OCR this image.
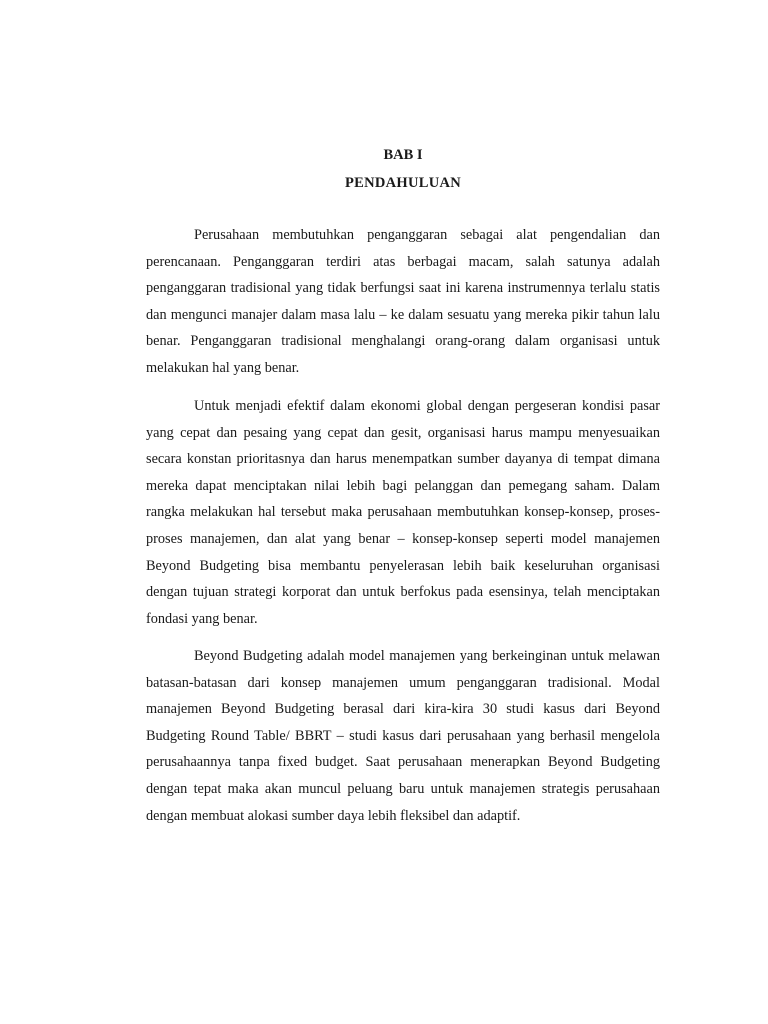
BAB I
PENDAHULUAN

Perusahaan membutuhkan penganggaran sebagai alat pengendalian dan perencanaan. Penganggaran terdiri atas berbagai macam, salah satunya adalah penganggaran tradisional yang tidak berfungsi saat ini karena instrumennya terlalu statis dan mengunci manajer dalam masa lalu – ke dalam sesuatu yang mereka pikir tahun lalu benar. Penganggaran tradisional menghalangi orang-orang dalam organisasi untuk melakukan hal yang benar.

Untuk menjadi efektif dalam ekonomi global dengan pergeseran kondisi pasar yang cepat dan pesaing yang cepat dan gesit, organisasi harus mampu menyesuaikan secara konstan prioritasnya dan harus menempatkan sumber dayanya di tempat dimana mereka dapat menciptakan nilai lebih bagi pelanggan dan pemegang saham. Dalam rangka melakukan hal tersebut maka perusahaan membutuhkan konsep-konsep, proses-proses manajemen, dan alat yang benar – konsep-konsep seperti model manajemen Beyond Budgeting bisa membantu penyelerasan lebih baik keseluruhan organisasi dengan tujuan strategi korporat dan untuk berfokus pada esensinya, telah menciptakan fondasi yang benar.

Beyond Budgeting adalah model manajemen yang berkeinginan untuk melawan batasan-batasan dari konsep manajemen umum penganggaran tradisional. Modal manajemen Beyond Budgeting berasal dari kira-kira 30 studi kasus dari Beyond Budgeting Round Table/ BBRT – studi kasus dari perusahaan yang berhasil mengelola perusahaannya tanpa fixed budget. Saat perusahaan menerapkan Beyond Budgeting dengan tepat maka akan muncul peluang baru untuk manajemen strategis perusahaan dengan membuat alokasi sumber daya lebih fleksibel dan adaptif.
